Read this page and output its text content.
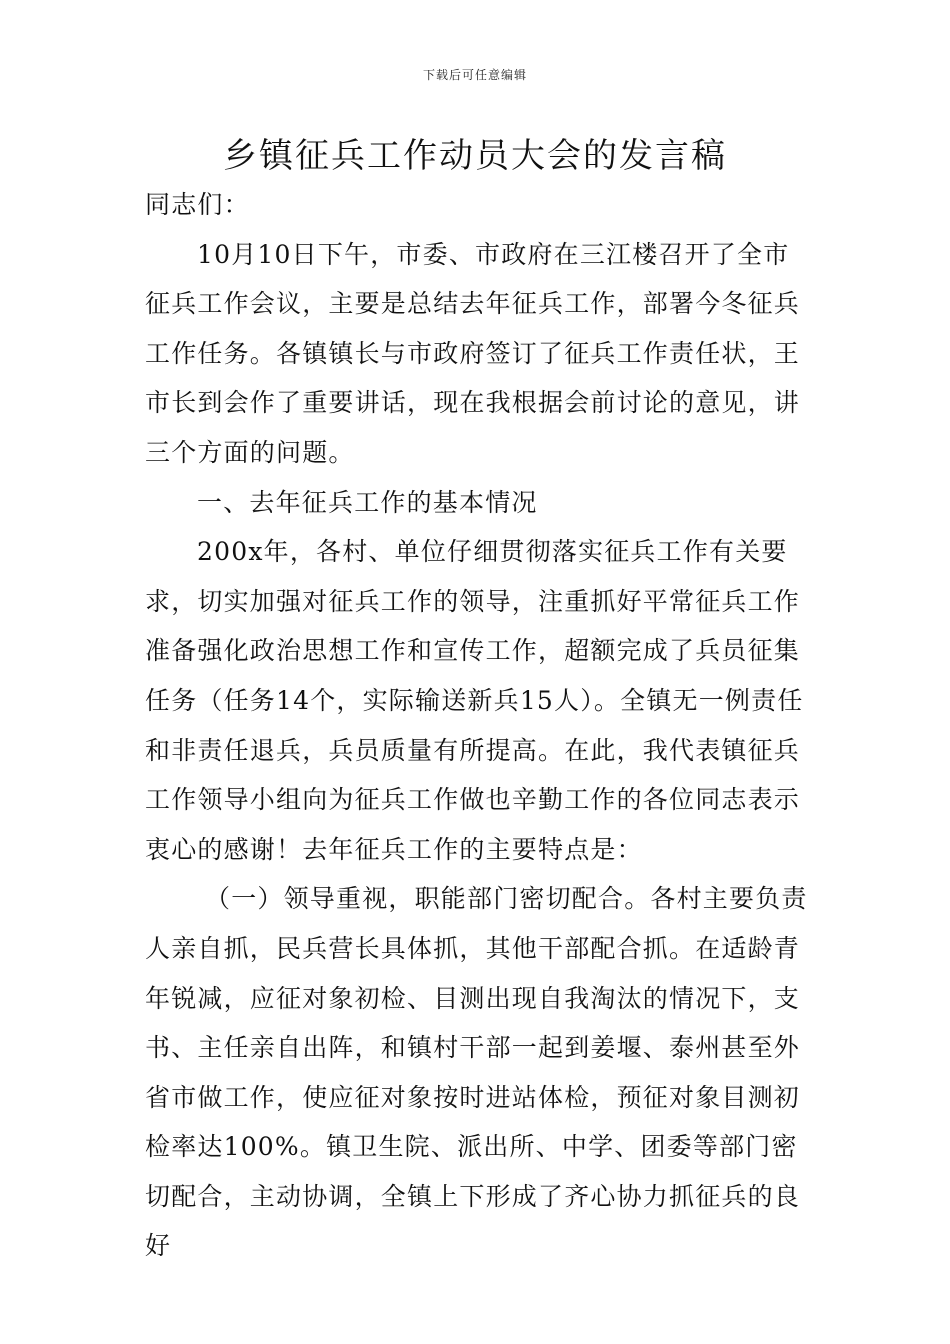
下载后可任意编辑
乡镇征兵工作动员大会的发言稿

同志们：

10月10日下午，市委、市政府在三江楼召开了全市征兵工作会议，主要是总结去年征兵工作，部署今冬征兵工作任务。各镇镇长与市政府签订了征兵工作责任状，王市长到会作了重要讲话，现在我根据会前讨论的意见，讲三个方面的问题。

一、去年征兵工作的基本情况

200x年，各村、单位仔细贯彻落实征兵工作有关要求，切实加强对征兵工作的领导，注重抓好平常征兵工作准备强化政治思想工作和宣传工作，超额完成了兵员征集任务（任务14个，实际输送新兵15人）。全镇无一例责任和非责任退兵，兵员质量有所提高。在此，我代表镇征兵工作领导小组向为征兵工作做也辛勤工作的各位同志表示衷心的感谢！去年征兵工作的主要特点是：

（一）领导重视，职能部门密切配合。各村主要负责人亲自抓，民兵营长具体抓，其他干部配合抓。在适龄青年锐减，应征对象初检、目测出现自我淘汰的情况下，支书、主任亲自出阵，和镇村干部一起到姜堰、泰州甚至外省市做工作，使应征对象按时进站体检，预征对象目测初检率达100%。镇卫生院、派出所、中学、团委等部门密切配合，主动协调，全镇上下形成了齐心协力抓征兵的良好
